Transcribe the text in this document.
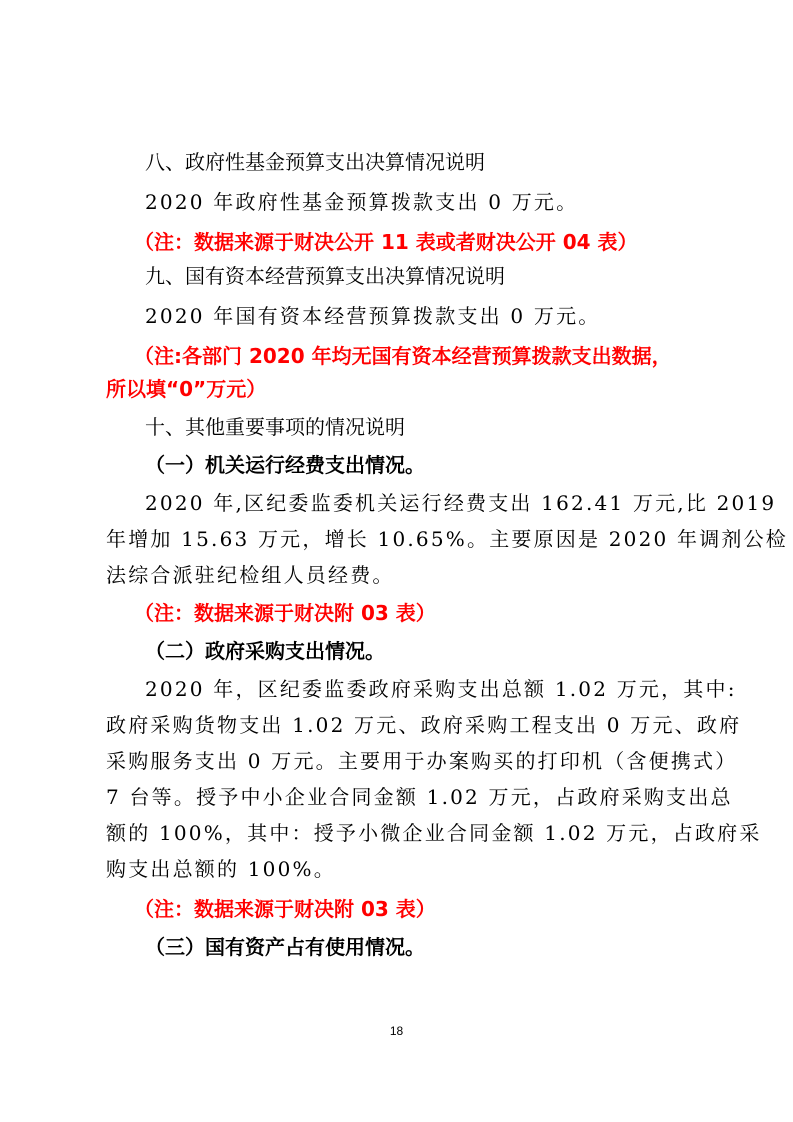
八、政府性基金预算支出决算情况说明
2020 年政府性基金预算拨款支出 0 万元。
（注：数据来源于财决公开 11 表或者财决公开 04 表）
九、国有资本经营预算支出决算情况说明
2020 年国有资本经营预算拨款支出 0 万元。
（注:各部门 2020 年均无国有资本经营预算拨款支出数据，
所以填“0”万元）
十、其他重要事项的情况说明
（一）机关运行经费支出情况。
2020 年,区纪委监委机关运行经费支出 162.41 万元,比 2019
年增加 15.63 万元，增长 10.65%。主要原因是 2020 年调剂公检
法综合派驻纪检组人员经费。
（注：数据来源于财决附 03 表）
（二）政府采购支出情况。
2020 年，区纪委监委政府采购支出总额 1.02 万元，其中:
政府采购货物支出 1.02 万元、政府采购工程支出 0 万元、政府
采购服务支出 0 万元。主要用于办案购买的打印机（含便携式）
7 台等。授予中小企业合同金额 1.02 万元，占政府采购支出总
额的 100%，其中：授予小微企业合同金额 1.02 万元，占政府采
购支出总额的 100%。
（注：数据来源于财决附 03 表）
（三）国有资产占有使用情况。
18
